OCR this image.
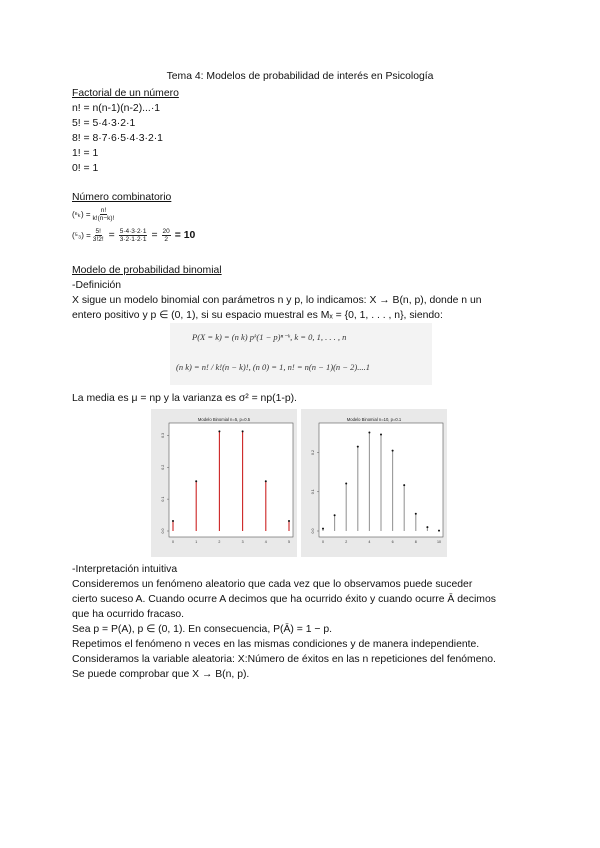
Tema 4: Modelos de probabilidad de interés en Psicología
Factorial de un número
n! = n(n-1)(n-2)...·1
5! = 5·4·3·2·1
8! = 8·7·6·5·4·3·2·1
1! = 1
0! = 1
Número combinatorio
$(^n_k) = \frac{n!}{k!(n-k)!}$
$(^5_3) = \frac{5!}{3!2!} = \frac{5\cdot 4\cdot 3\cdot 2\cdot 1}{3\cdot 2\cdot 1\cdot 2\cdot 1} = \frac{20}{2} = 10$
Modelo de probabilidad binomial
-Definición
X sigue un modelo binomial con parámetros n y p, lo indicamos: X → B(n, p), donde n un
entero positivo y p ∈ (0, 1), si su espacio muestral es Mₓ = {0, 1, . . . , n}, siendo:
P(X = k) = (n k) pᵏ(1 − p)ⁿ⁻ᵏ, k = 0, 1, . . . , n
(n k) = n! / k!(n − k)!, (n 0) = 1, n! = n(n − 1)(n − 2)....1
La media es μ = np y la varianza es σ² = np(1-p).
Modelo Binomial n=5, p=0.5
0.0
0.1
0.2
0.3
0	1	2	3	4	5
Modelo Binomial n=10, p=0.1
0.0
0.1
0.2
0	2	4	6	8	10
-Interpretación intuitiva
Consideremos un fenómeno aleatorio que cada vez que lo observamos puede suceder
cierto suceso A. Cuando ocurre A decimos que ha ocurrido éxito y cuando ocurre Ā decimos
que ha ocurrido fracaso.
Sea p = P(A), p ∈ (0, 1). En consecuencia, P(Ā) = 1 − p.
Repetimos el fenómeno n veces en las mismas condiciones y de manera independiente.
Consideramos la variable aleatoria: X:Número de éxitos en las n repeticiones del fenómeno.
Se puede comprobar que X → B(n, p).
